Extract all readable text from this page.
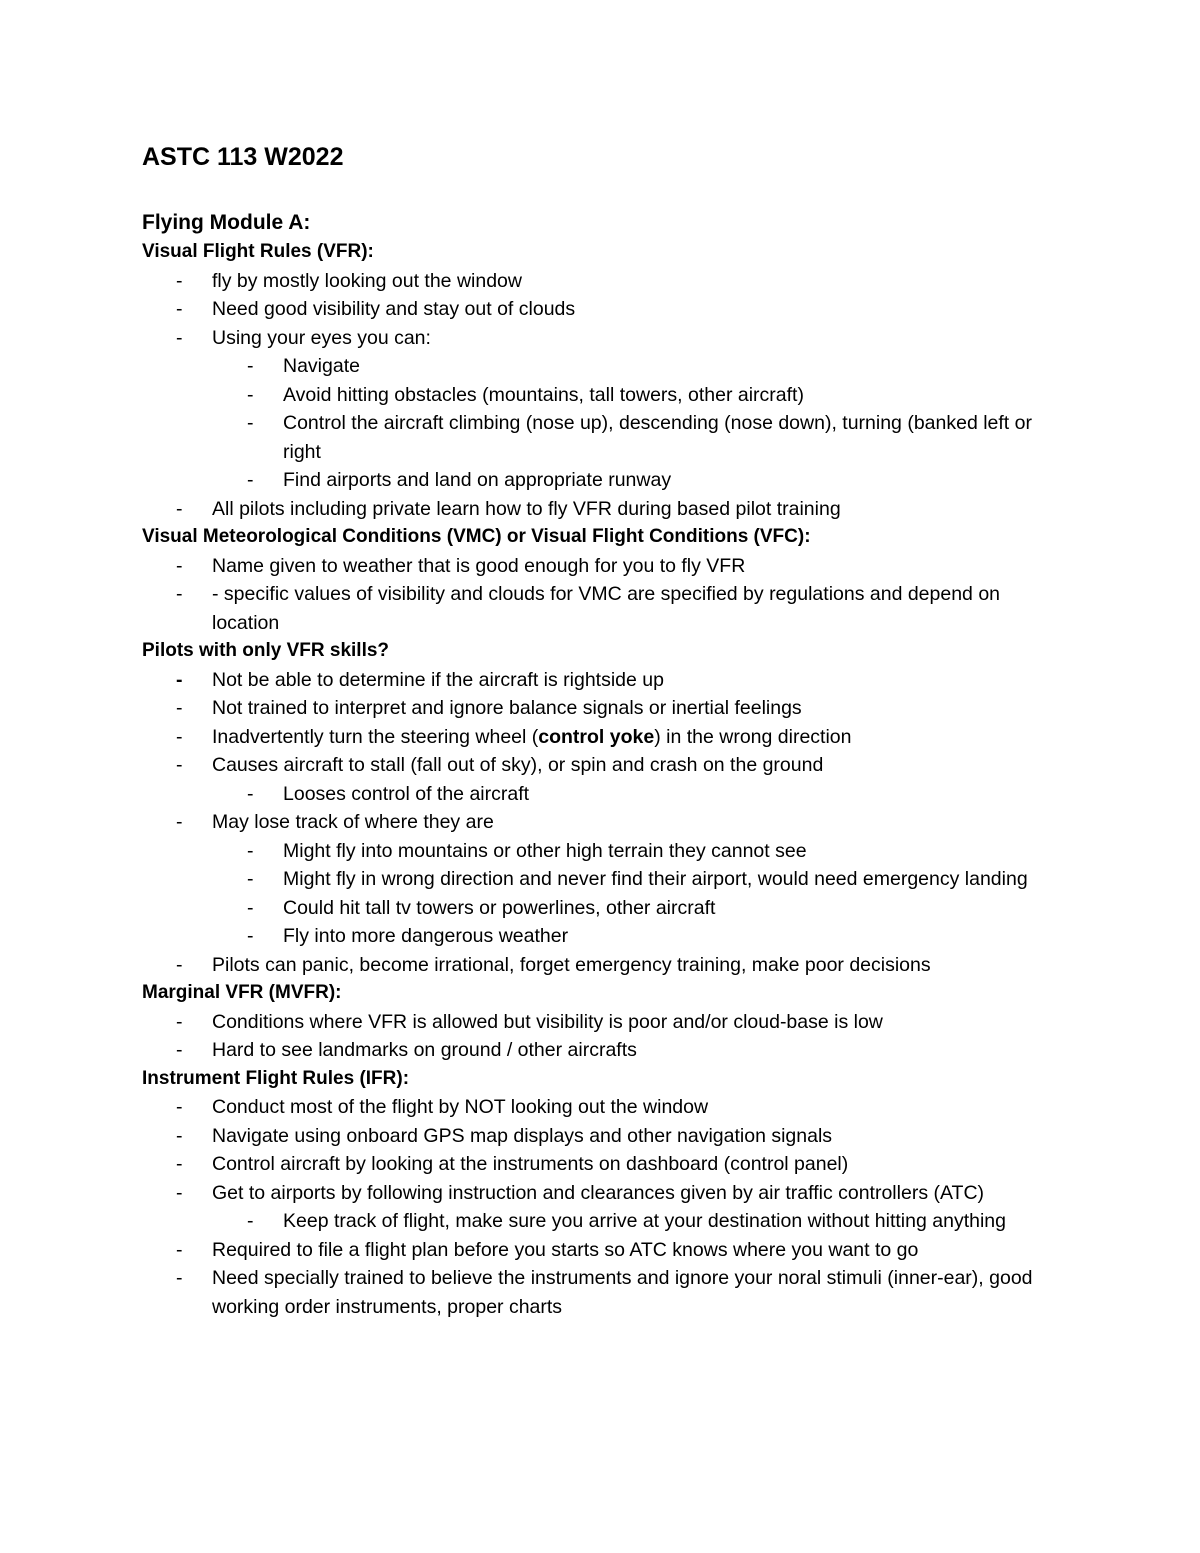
ASTC 113 W2022
Flying Module A:
Visual Flight Rules (VFR):
- fly by mostly looking out the window
- Need good visibility and stay out of clouds
- Using your eyes you can:
- Navigate
- Avoid hitting obstacles (mountains, tall towers, other aircraft)
- Control the aircraft climbing (nose up), descending (nose down), turning (banked left or right
- Find airports and land on appropriate runway
- All pilots including private learn how to fly VFR during based pilot training
Visual Meteorological Conditions (VMC) or Visual Flight Conditions (VFC):
- Name given to weather that is good enough for you to fly VFR
- - specific values of visibility and clouds for VMC are specified by regulations and depend on location
Pilots with only VFR skills?
- Not be able to determine if the aircraft is rightside up
- Not trained to interpret and ignore balance signals or inertial feelings
- Inadvertently turn the steering wheel (control yoke) in the wrong direction
- Causes aircraft to stall (fall out of sky), or spin and crash on the ground
- Looses control of the aircraft
- May lose track of where they are
- Might fly into mountains or other high terrain they cannot see
- Might fly in wrong direction and never find their airport, would need emergency landing
- Could hit tall tv towers or powerlines, other aircraft
- Fly into more dangerous weather
- Pilots can panic, become irrational, forget emergency training, make poor decisions
Marginal VFR (MVFR):
- Conditions where VFR is allowed but visibility is poor and/or cloud-base is low
- Hard to see landmarks on ground / other aircrafts
Instrument Flight Rules (IFR):
- Conduct most of the flight by NOT looking out the window
- Navigate using onboard GPS map displays and other navigation signals
- Control aircraft by looking at the instruments on dashboard (control panel)
- Get to airports by following instruction and clearances given by air traffic controllers (ATC)
- Keep track of flight, make sure you arrive at your destination without hitting anything
- Required to file a flight plan before you starts so ATC knows where you want to go
- Need specially trained to believe the instruments and ignore your noral stimuli (inner-ear), good working order instruments, proper charts
